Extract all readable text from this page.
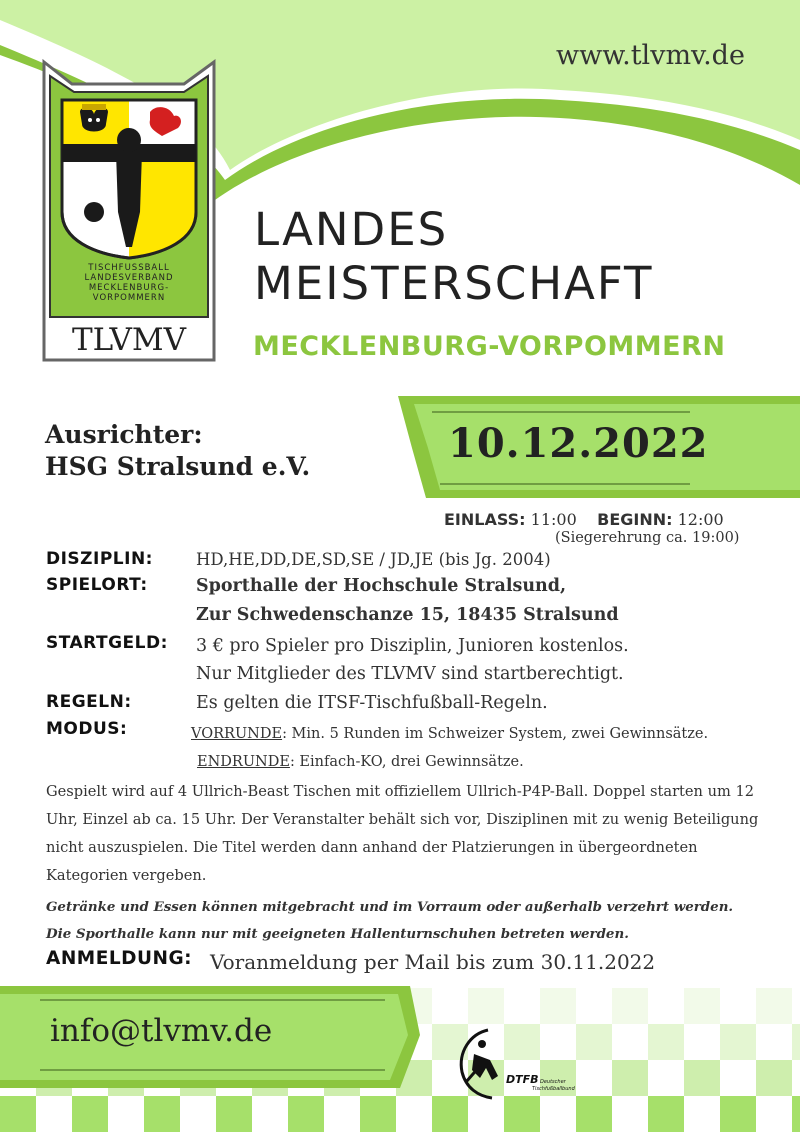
TISCHFUSSBALL
LANDESVERBAND
MECKLENBURG-
VORPOMMERN
TLVMV
DTFB Deutscher
Tischfußballbund
www.tlvmv.de
LANDES
MEISTERSCHAFT
MECKLENBURG-VORPOMMERN
Ausrichter:
HSG Stralsund e.V.	10.12.2022
EINLASS: 11:00 BEGINN: 12:00
(Siegerehrung ca. 19:00)
DISZIPLIN:	HD,HE,DD,DE,SD,SE / JD,JE (bis Jg. 2004)
SPIELORT:	Sporthalle der Hochschule Stralsund,
Zur Schwedenschanze 15, 18435 Stralsund
STARTGELD: 3 € pro Spieler pro Disziplin, Junioren kostenlos.
Nur Mitglieder des TLVMV sind startberechtigt.
REGELN:	Es gelten die ITSF-Tischfußball-Regeln.
MODUS:	VORRUNDE: Min. 5 Runden im Schweizer System, zwei Gewinnsätze.
ENDRUNDE: Einfach-KO, drei Gewinnsätze.
Gespielt wird auf 4 Ullrich-Beast Tischen mit offiziellem Ullrich-P4P-Ball. Doppel starten um 12 Uhr, Einzel ab ca. 15 Uhr. Der Veranstalter behält sich vor, Disziplinen mit zu wenig Beteiligung nicht auszuspielen. Die Titel werden dann anhand der Platzierungen in übergeordneten Kategorien vergeben.
Getränke und Essen können mitgebracht und im Vorraum oder außerhalb verzehrt werden.
Die Sporthalle kann nur mit geeigneten Hallenturnschuhen betreten werden.
ANMELDUNG: Voranmeldung per Mail bis zum 30.11.2022
info@tlvmv.de
